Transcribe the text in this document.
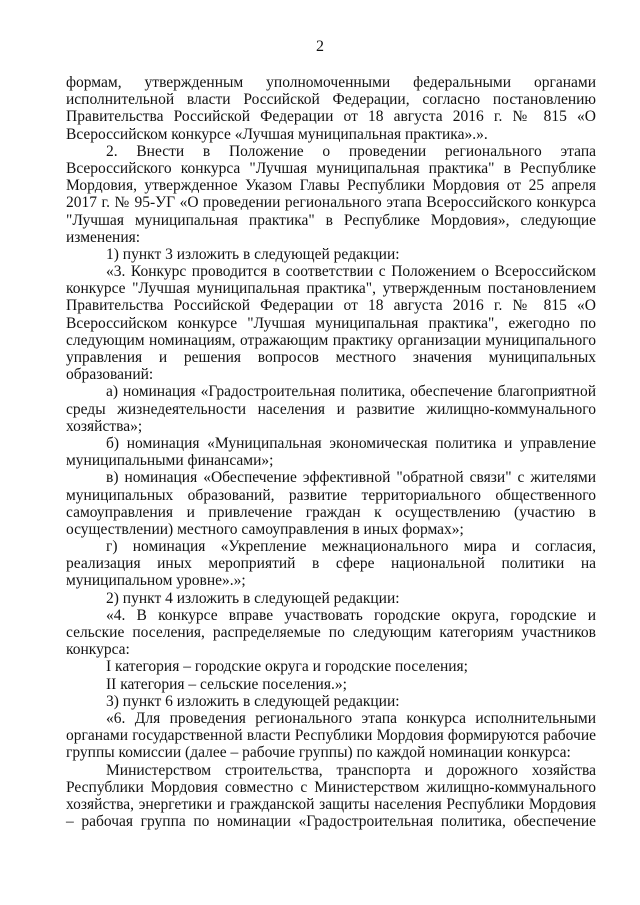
2
формам, утвержденным уполномоченными федеральными органами
исполнительной власти Российской Федерации, согласно постановлению
Правительства Российской Федерации от 18 августа 2016 г. № 815 «О
Всероссийском конкурсе «Лучшая муниципальная практика».».
2. Внести в Положение о проведении регионального этапа
Всероссийского конкурса "Лучшая муниципальная практика" в Республике
Мордовия, утвержденное Указом Главы Республики Мордовия от 25 апреля
2017 г. № 95-УГ «О проведении регионального этапа Всероссийского конкурса
"Лучшая муниципальная практика" в Республике Мордовия», следующие
изменения:
1) пункт 3 изложить в следующей редакции:
«3. Конкурс проводится в соответствии с Положением о Всероссийском
конкурсе "Лучшая муниципальная практика", утвержденным постановлением
Правительства Российской Федерации от 18 августа 2016 г. № 815 «О
Всероссийском конкурсе "Лучшая муниципальная практика", ежегодно по
следующим номинациям, отражающим практику организации муниципального
управления и решения вопросов местного значения муниципальных
образований:
а) номинация «Градостроительная политика, обеспечение благоприятной
среды жизнедеятельности населения и развитие жилищно-коммунального
хозяйства»;
б) номинация «Муниципальная экономическая политика и управление
муниципальными финансами»;
в) номинация «Обеспечение эффективной "обратной связи" с жителями
муниципальных образований, развитие территориального общественного
самоуправления и привлечение граждан к осуществлению (участию в
осуществлении) местного самоуправления в иных формах»;
г) номинация «Укрепление межнационального мира и согласия,
реализация иных мероприятий в сфере национальной политики на
муниципальном уровне».»;
2) пункт 4 изложить в следующей редакции:
«4. В конкурсе вправе участвовать городские округа, городские и
сельские поселения, распределяемые по следующим категориям участников
конкурса:
I категория – городские округа и городские поселения;
II категория – сельские поселения.»;
3) пункт 6 изложить в следующей редакции:
«6. Для проведения регионального этапа конкурса исполнительными
органами государственной власти Республики Мордовия формируются рабочие
группы комиссии (далее – рабочие группы) по каждой номинации конкурса:
Министерством строительства, транспорта и дорожного хозяйства
Республики Мордовия совместно с Министерством жилищно-коммунального
хозяйства, энергетики и гражданской защиты населения Республики Мордовия
– рабочая группа по номинации «Градостроительная политика, обеспечение
